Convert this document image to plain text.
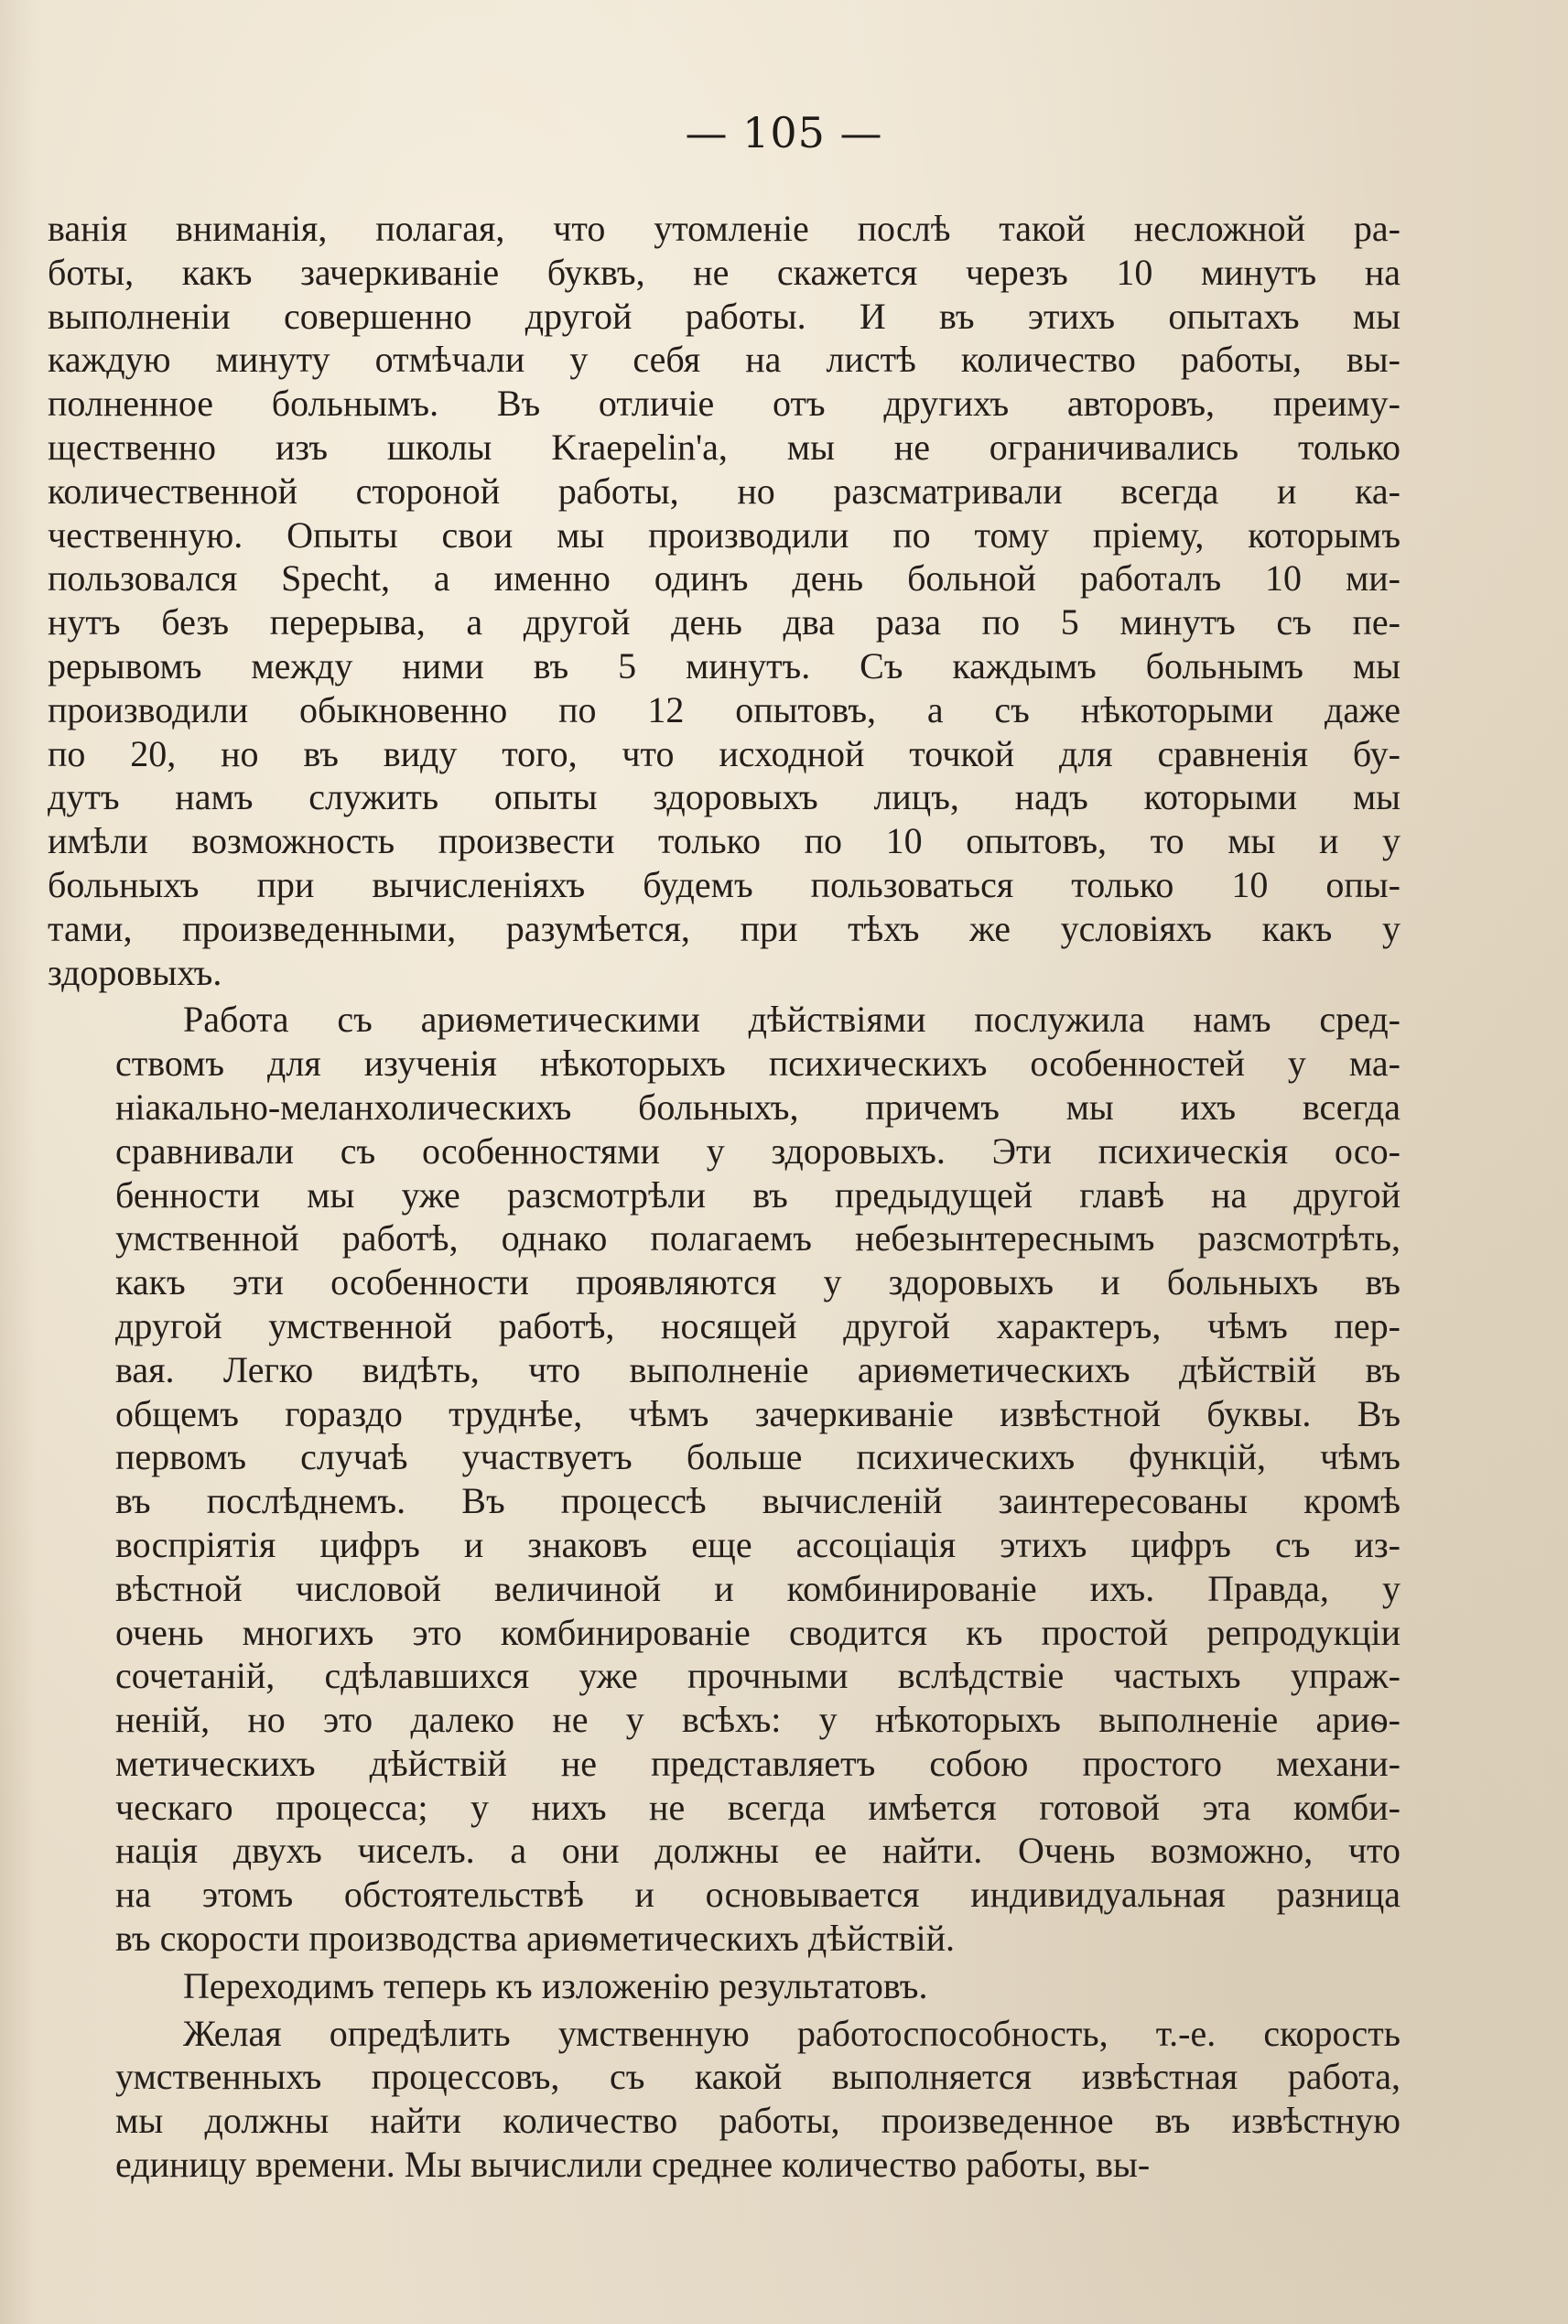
— 105 —
ванія вниманія, полагая, что утомленіе послѣ такой несложной ра-
боты, какъ зачеркиваніе буквъ, не скажется черезъ 10 минутъ на
выполненіи совершенно другой работы. И въ этихъ опытахъ мы
каждую минуту отмѣчали у себя на листѣ количество работы, вы-
полненное больнымъ. Въ отличіе отъ другихъ авторовъ, преиму-
щественно изъ школы Kraepelin'а, мы не ограничивались только
количественной стороной работы, но разсматривали всегда и ка-
чественную. Опыты свои мы производили по тому пріему, которымъ
пользовался Specht, а именно одинъ день больной работалъ 10 ми-
нутъ безъ перерыва, а другой день два раза по 5 минутъ съ пе-
рерывомъ между ними въ 5 минутъ. Съ каждымъ больнымъ мы
производили обыкновенно по 12 опытовъ, а съ нѣкоторыми даже
по 20, но въ виду того, что исходной точкой для сравненія бу-
дутъ намъ служить опыты здоровыхъ лицъ, надъ которыми мы
имѣли возможность произвести только по 10 опытовъ, то мы и у
больныхъ при вычисленіяхъ будемъ пользоваться только 10 опы-
тами, произведенными, разумѣется, при тѣхъ же условіяхъ какъ у
здоровыхъ.
Работа съ ариѳметическими дѣйствіями послужила намъ сред-
ствомъ для изученія нѣкоторыхъ психическихъ особенностей у ма-
ніакально-меланхолическихъ больныхъ, причемъ мы ихъ всегда
сравнивали съ особенностями у здоровыхъ. Эти психическія осо-
бенности мы уже разсмотрѣли въ предыдущей главѣ на другой
умственной работѣ, однако полагаемъ небезынтереснымъ разсмотрѣть,
какъ эти особенности проявляются у здоровыхъ и больныхъ въ
другой умственной работѣ, носящей другой характеръ, чѣмъ пер-
вая. Легко видѣть, что выполненіе ариѳметическихъ дѣйствій въ
общемъ гораздо труднѣе, чѣмъ зачеркиваніе извѣстной буквы. Въ
первомъ случаѣ участвуетъ больше психическихъ функцій, чѣмъ
въ послѣднемъ. Въ процессѣ вычисленій заинтересованы кромѣ
воспріятія цифръ и знаковъ еще ассоціація этихъ цифръ съ из-
вѣстной числовой величиной и комбинированіе ихъ. Правда, у
очень многихъ это комбинированіе сводится къ простой репродукціи
сочетаній, сдѣлавшихся уже прочными вслѣдствіе частыхъ упраж-
неній, но это далеко не у всѣхъ: у нѣкоторыхъ выполненіе ариѳ-
метическихъ дѣйствій не представляетъ собою простого механи-
ческаго процесса; у нихъ не всегда имѣется готовой эта комби-
нація двухъ чиселъ. а они должны ее найти. Очень возможно, что
на этомъ обстоятельствѣ и основывается индивидуальная разница
въ скорости производства ариѳметическихъ дѣйствій.
Переходимъ теперь къ изложенію результатовъ.
Желая опредѣлить умственную работоспособность, т.-е. скорость
умственныхъ процессовъ, съ какой выполняется извѣстная работа,
мы должны найти количество работы, произведенное въ извѣстную
единицу времени. Мы вычислили среднее количество работы, вы-
